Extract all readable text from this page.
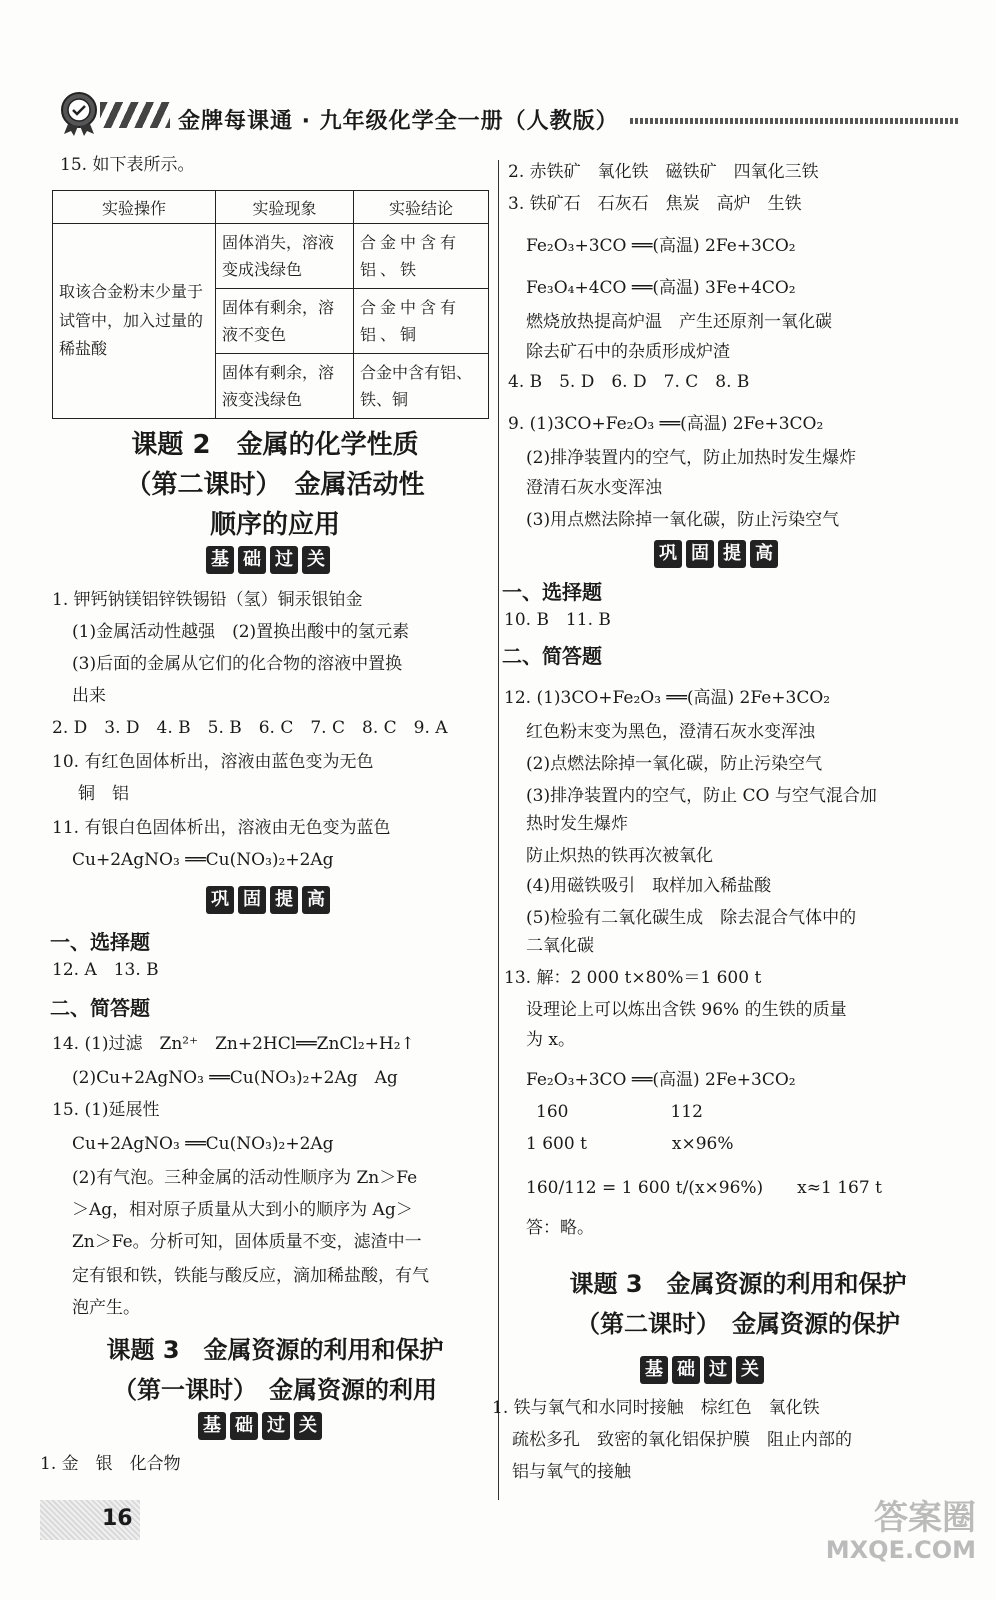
金牌每课通 · 九年级化学全一册（人教版）
15. 如下表所示。
实验操作	实验现象	实验结论
取该合金粉末少量于试管中，加入过量的稀盐酸	固体消失，溶液变成浅绿色	合金中含有铝、铁
	固体有剩余，溶液不变色	合金中含有铝、铜
	固体有剩余，溶液变浅绿色	合金中含有铝、铁、铜
课题 2　金属的化学性质
（第二课时）　金属活动性
顺序的应用
基 础 过 关
1. 钾钙钠镁铝锌铁锡铅（氢）铜汞银铂金
(1)金属活动性越强　(2)置换出酸中的氢元素
(3)后面的金属从它们的化合物的溶液中置换
出来
2. D　3. D　4. B　5. B　6. C　7. C　8. C　9. A
10. 有红色固体析出，溶液由蓝色变为无色
铜　铝
11. 有银白色固体析出，溶液由无色变为蓝色
Cu+2AgNO₃ ══Cu(NO₃)₂+2Ag
巩 固 提 高
一、选择题
12. A　13. B
二、简答题
14. (1)过滤　Zn²⁺　Zn+2HCl══ZnCl₂+H₂↑
(2)Cu+2AgNO₃ ══Cu(NO₃)₂+2Ag　Ag
15. (1)延展性
Cu+2AgNO₃ ══Cu(NO₃)₂+2Ag
(2)有气泡。三种金属的活动性顺序为 Zn＞Fe
＞Ag，相对原子质量从大到小的顺序为 Ag＞
Zn＞Fe。分析可知，固体质量不变，滤渣中一
定有银和铁，铁能与酸反应，滴加稀盐酸，有气
泡产生。
课题 3　金属资源的利用和保护
（第一课时）　金属资源的利用
基 础 过 关
1. 金　银　化合物
2. 赤铁矿　氧化铁　磁铁矿　四氧化三铁
3. 铁矿石　石灰石　焦炭　高炉　生铁
Fe₂O₃+3CO ══(高温) 2Fe+3CO₂
Fe₃O₄+4CO ══(高温) 3Fe+4CO₂
燃烧放热提高炉温　产生还原剂一氧化碳
除去矿石中的杂质形成炉渣
4. B　5. D　6. D　7. C　8. B
9. (1)3CO+Fe₂O₃ ══(高温) 2Fe+3CO₂
(2)排净装置内的空气，防止加热时发生爆炸
澄清石灰水变浑浊
(3)用点燃法除掉一氧化碳，防止污染空气
巩 固 提 高
一、选择题
10. B　11. B
二、简答题
12. (1)3CO+Fe₂O₃ ══(高温) 2Fe+3CO₂
红色粉末变为黑色，澄清石灰水变浑浊
(2)点燃法除掉一氧化碳，防止污染空气
(3)排净装置内的空气，防止 CO 与空气混合加
热时发生爆炸
防止炽热的铁再次被氧化
(4)用磁铁吸引　取样加入稀盐酸
(5)检验有二氧化碳生成　除去混合气体中的
二氧化碳
13. 解：2 000 t×80%＝1 600 t
设理论上可以炼出含铁 96% 的生铁的质量
为 x。
Fe₂O₃+3CO ══(高温) 2Fe+3CO₂
160　　　　　　112
1 600 t　　　　　x×96%
160/112 = 1 600 t/(x×96%)　　x≈1 167 t
答：略。
课题 3　金属资源的利用和保护
（第二课时）　金属资源的保护
基 础 过 关
1. 铁与氧气和水同时接触　棕红色　氧化铁
疏松多孔　致密的氧化铝保护膜　阻止内部的
铝与氧气的接触
16	答案圈
MXQE.COM
